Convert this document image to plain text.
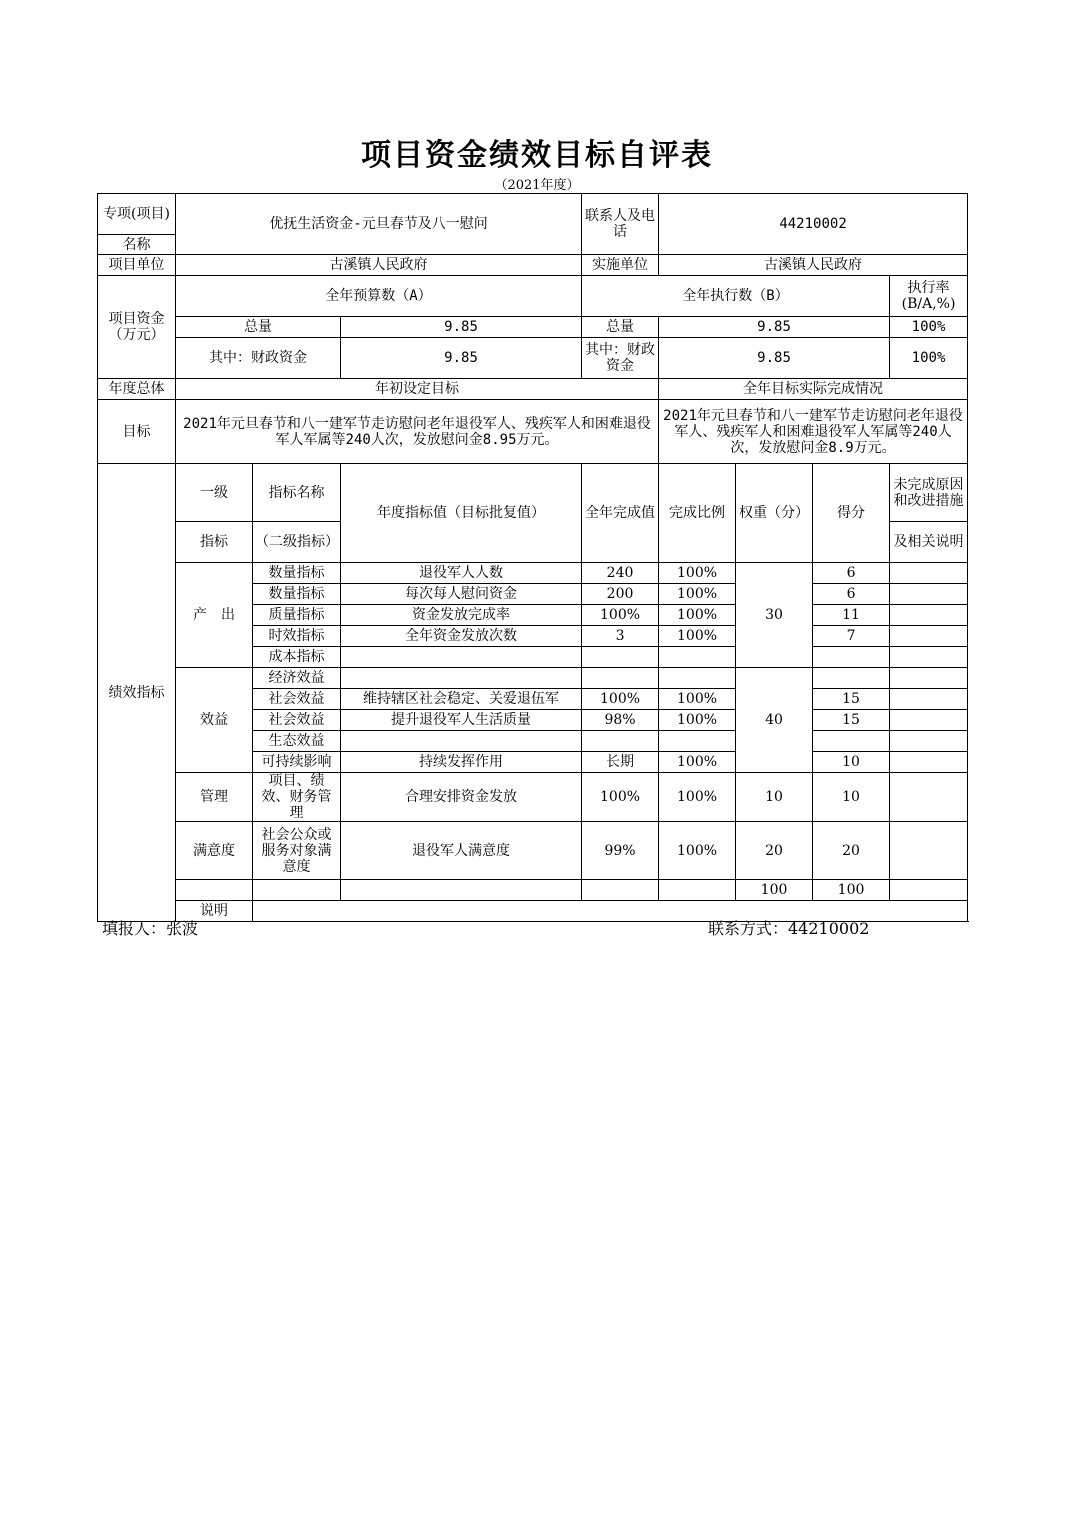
项目资金绩效目标自评表
（2021年度）
专项(项目)	优抚生活资金-元旦春节及八一慰问			联系人及电话	44210002			
名称								
项目单位	古溪镇人民政府			实施单位	古溪镇人民政府			
项目资金（万元）	全年预算数（A）			全年执行数（B）				执行率(B/A,%)
	总量		9.85	总量	9.85			100%
	其中：财政资金		9.85	其中：财政资金	9.85			100%
年度总体	年初设定目标				全年目标实际完成情况			
目标	2021年元旦春节和八一建军节走访慰问老年退役军人、残疾军人和困难退役军人军属等240人次，发放慰问金8.95万元。				2021年元旦春节和八一建军节走访慰问老年退役军人、残疾军人和困难退役军人军属等240人次，发放慰问金8.9万元。			
绩效指标	一级	指标名称	年度指标值（目标批复值）	全年完成值	完成比例	权重（分）	得分	未完成原因和改进措施
	指标	（二级指标）						及相关说明
	产　出	数量指标	退役军人人数	240	100%	30	6	
		数量指标	每次每人慰问资金	200	100%		6	
		质量指标	资金发放完成率	100%	100%		11	
		时效指标	全年资金发放次数	3	100%		7	
		成本指标						
	效益	经济效益				40		
		社会效益	维持辖区社会稳定、关爱退伍军	100%	100%		15	
		社会效益	提升退役军人生活质量	98%	100%		15	
		生态效益						
		可持续影响	持续发挥作用	长期	100%		10	
	管理	项目、绩效、财务管理	合理安排资金发放	100%	100%	10	10	
	满意度	社会公众或服务对象满意度	退役军人满意度	99%	100%	20	20	
						100	100	
	说明							
填报人：张波	联系方式：44210002
